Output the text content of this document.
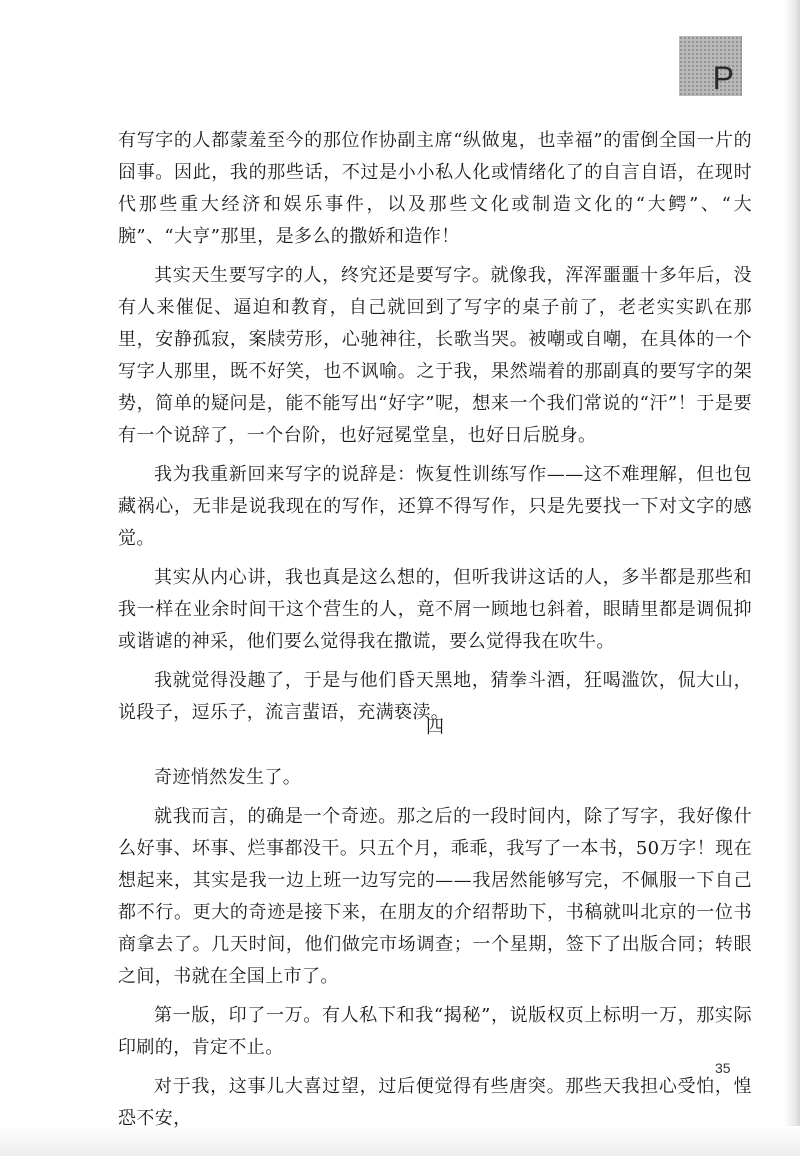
P

有写字的人都蒙羞至今的那位作协副主席“纵做鬼，也幸福”的雷倒全国一片的囧事。因此，我的那些话，不过是小小私人化或情绪化了的自言自语，在现时代那些重大经济和娱乐事件，以及那些文化或制造文化的“大鳄”、“大腕”、“大亨”那里，是多么的撒娇和造作！

其实天生要写字的人，终究还是要写字。就像我，浑浑噩噩十多年后，没有人来催促、逼迫和教育，自己就回到了写字的桌子前了，老老实实趴在那里，安静孤寂，案牍劳形，心驰神往，长歌当哭。被嘲或自嘲，在具体的一个写字人那里，既不好笑，也不讽喻。之于我，果然端着的那副真的要写字的架势，简单的疑问是，能不能写出“好字”呢，想来一个我们常说的“汗”！于是要有一个说辞了，一个台阶，也好冠冕堂皇，也好日后脱身。

我为我重新回来写字的说辞是：恢复性训练写作——这不难理解，但也包藏祸心，无非是说我现在的写作，还算不得写作，只是先要找一下对文字的感觉。

其实从内心讲，我也真是这么想的，但听我讲这话的人，多半都是那些和我一样在业余时间干这个营生的人，竟不屑一顾地乜斜着，眼睛里都是调侃抑或谐谑的神采，他们要么觉得我在撒谎，要么觉得我在吹牛。

我就觉得没趣了，于是与他们昏天黑地，猜拳斗酒，狂喝滥饮，侃大山，说段子，逗乐子，流言蜚语，充满亵渎。

四

奇迹悄然发生了。

就我而言，的确是一个奇迹。那之后的一段时间内，除了写字，我好像什么好事、坏事、烂事都没干。只五个月，乖乖，我写了一本书，50万字！现在想起来，其实是我一边上班一边写完的——我居然能够写完，不佩服一下自己都不行。更大的奇迹是接下来，在朋友的介绍帮助下，书稿就叫北京的一位书商拿去了。几天时间，他们做完市场调查；一个星期，签下了出版合同；转眼之间，书就在全国上市了。

第一版，印了一万。有人私下和我“揭秘”，说版权页上标明一万，那实际印刷的，肯定不止。

对于我，这事儿大喜过望，过后便觉得有些唐突。那些天我担心受怕，惶恐不安，

35
